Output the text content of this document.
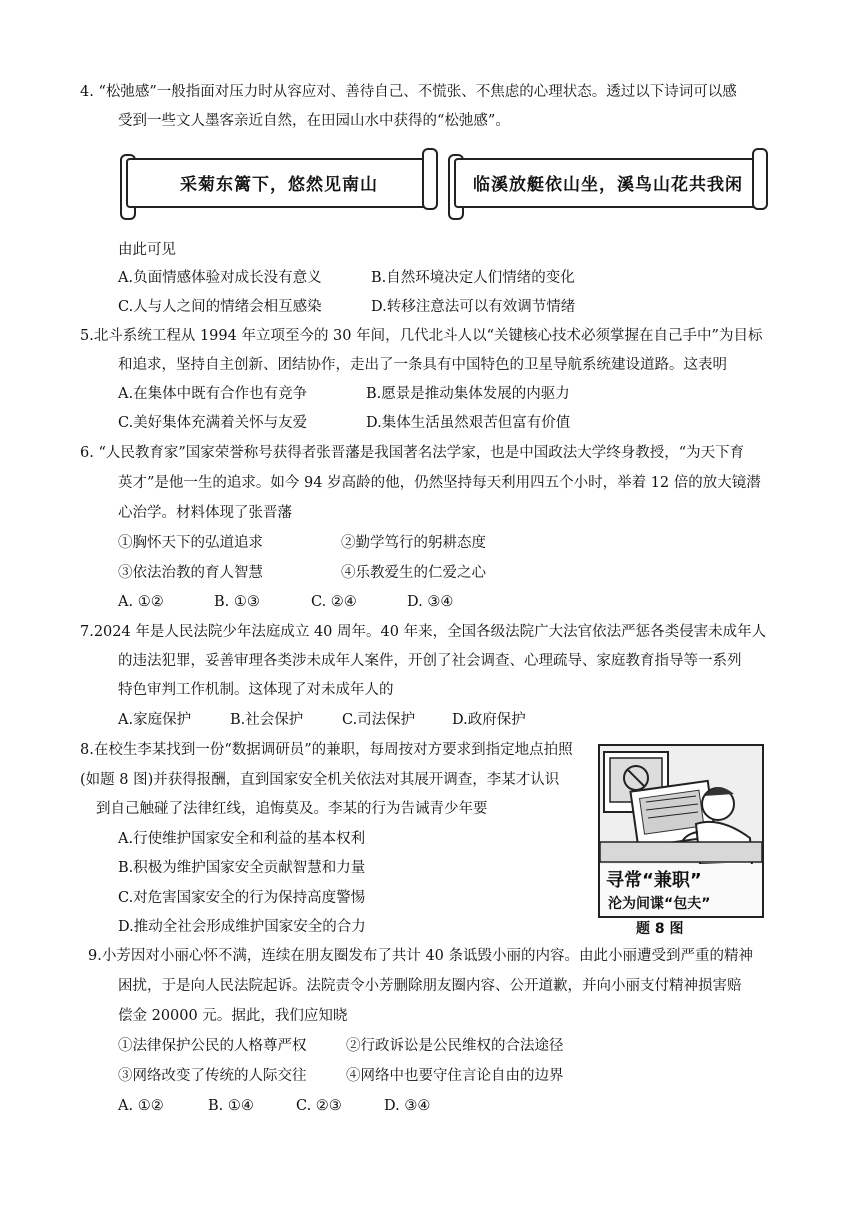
4. “松弛感”一般指面对压力时从容应对、善待自己、不慌张、不焦虑的心理状态。透过以下诗词可以感
受到一些文人墨客亲近自然，在田园山水中获得的“松弛感”。
采菊东篱下，悠然见南山	临溪放艇依山坐，溪鸟山花共我闲
由此可见
A.负面情感体验对成长没有意义	B.自然环境决定人们情绪的变化
C.人与人之间的情绪会相互感染	D.转移注意法可以有效调节情绪
5.北斗系统工程从 1994 年立项至今的 30 年间，几代北斗人以“关键核心技术必须掌握在自己手中”为目标
和追求，坚持自主创新、团结协作，走出了一条具有中国特色的卫星导航系统建设道路。这表明
A.在集体中既有合作也有竞争	B.愿景是推动集体发展的内驱力
C.美好集体充满着关怀与友爱	D.集体生活虽然艰苦但富有价值
6. “人民教育家”国家荣誉称号获得者张晋藩是我国著名法学家，也是中国政法大学终身教授，“为天下育
英才”是他一生的追求。如今 94 岁高龄的他，仍然坚持每天利用四五个小时，举着 12 倍的放大镜潜
心治学。材料体现了张晋藩
①胸怀天下的弘道追求	②勤学笃行的躬耕态度
③依法治教的育人智慧	④乐教爱生的仁爱之心
A. ①②	B. ①③	C. ②④	D. ③④
7.2024 年是人民法院少年法庭成立 40 周年。40 年来，全国各级法院广大法官依法严惩各类侵害未成年人
的违法犯罪，妥善审理各类涉未成年人案件，开创了社会调查、心理疏导、家庭教育指导等一系列
特色审判工作机制。这体现了对未成年人的
A.家庭保护	B.社会保护	C.司法保护	D.政府保护
8.在校生李某找到一份“数据调研员”的兼职，每周按对方要求到指定地点拍照
(如题 8 图)并获得报酬，直到国家安全机关依法对其展开调查，李某才认识
到自己触碰了法律红线，追悔莫及。李某的行为告诫青少年要
A.行使维护国家安全和利益的基本权利
B.积极为维护国家安全贡献智慧和力量
C.对危害国家安全的行为保持高度警惕
D.推动全社会形成维护国家安全的合力
寻常“兼职”
沦为间谍“包夫”
题 8 图
9.小芳因对小丽心怀不满，连续在朋友圈发布了共计 40 条诋毁小丽的内容。由此小丽遭受到严重的精神
困扰，于是向人民法院起诉。法院责令小芳删除朋友圈内容、公开道歉，并向小丽支付精神损害赔
偿金 20000 元。据此，我们应知晓
①法律保护公民的人格尊严权	②行政诉讼是公民维权的合法途径
③网络改变了传统的人际交往	④网络中也要守住言论自由的边界
A. ①②	B. ①④	C. ②③	D. ③④
